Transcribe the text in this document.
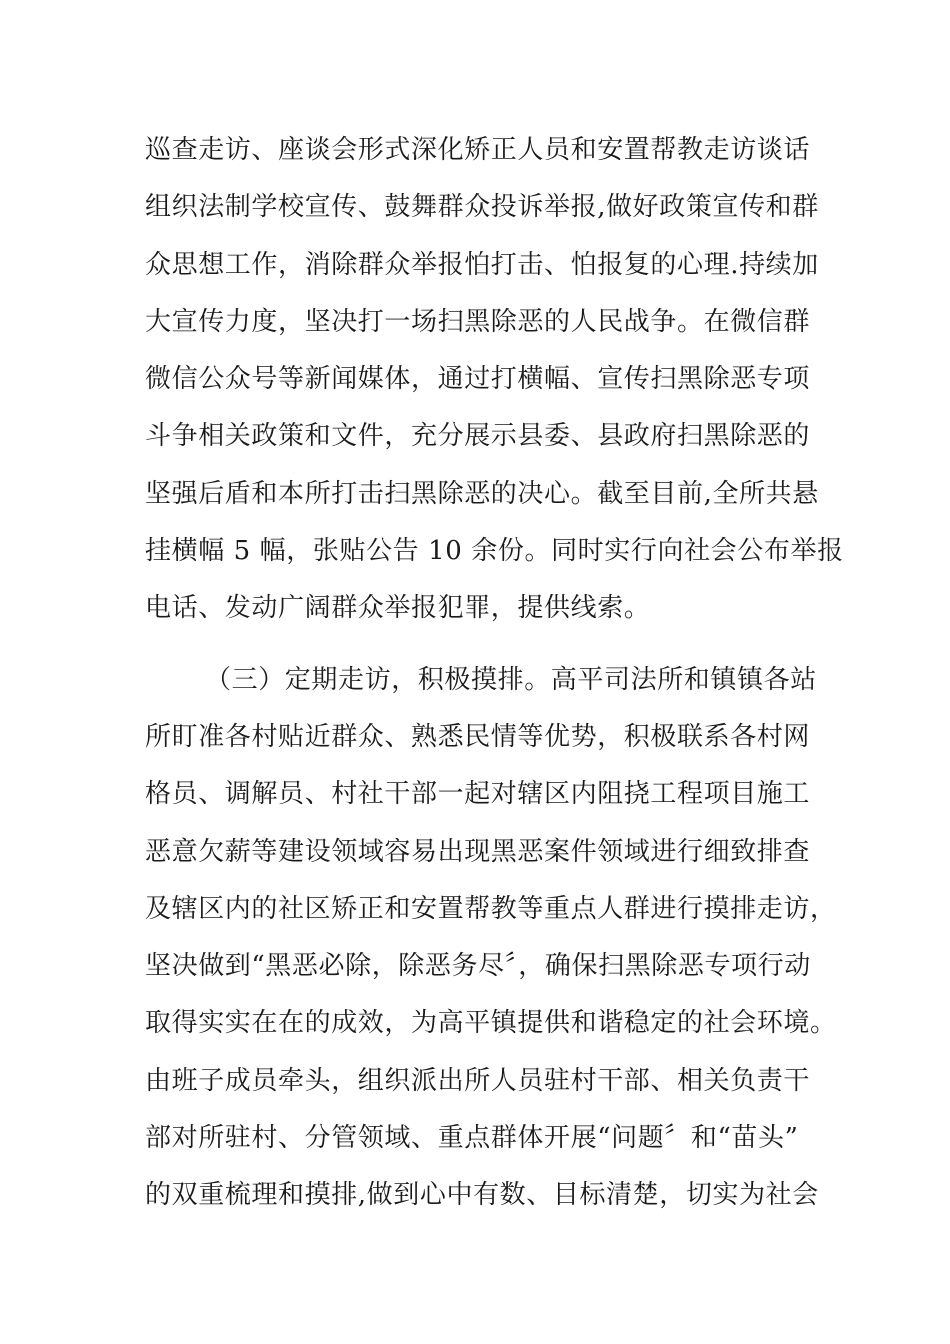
巡查走访、座谈会形式深化矫正人员和安置帮教走访谈话
组织法制学校宣传、鼓舞群众投诉举报,做好政策宣传和群
众思想工作，消除群众举报怕打击、怕报复的心理.持续加
大宣传力度，坚决打一场扫黑除恶的人民战争。在微信群
微信公众号等新闻媒体，通过打横幅、宣传扫黑除恶专项
斗争相关政策和文件，充分展示县委、县政府扫黑除恶的
坚强后盾和本所打击扫黑除恶的决心。截至目前,全所共悬
挂横幅 5 幅，张贴公告 10 余份。同时实行向社会公布举报
电话、发动广阔群众举报犯罪，提供线索。
（三）定期走访，积极摸排。高平司法所和镇镇各站
所盯准各村贴近群众、熟悉民情等优势，积极联系各村网
格员、调解员、村社干部一起对辖区内阻挠工程项目施工
恶意欠薪等建设领域容易出现黑恶案件领域进行细致排查
及辖区内的社区矫正和安置帮教等重点人群进行摸排走访，
坚决做到“黑恶必除，除恶务尽〞，确保扫黑除恶专项行动
取得实实在在的成效，为高平镇提供和谐稳定的社会环境。
由班子成员牵头，组织派出所人员驻村干部、相关负责干
部对所驻村、分管领域、重点群体开展“问题〞和“苗头”
的双重梳理和摸排,做到心中有数、目标清楚，切实为社会
